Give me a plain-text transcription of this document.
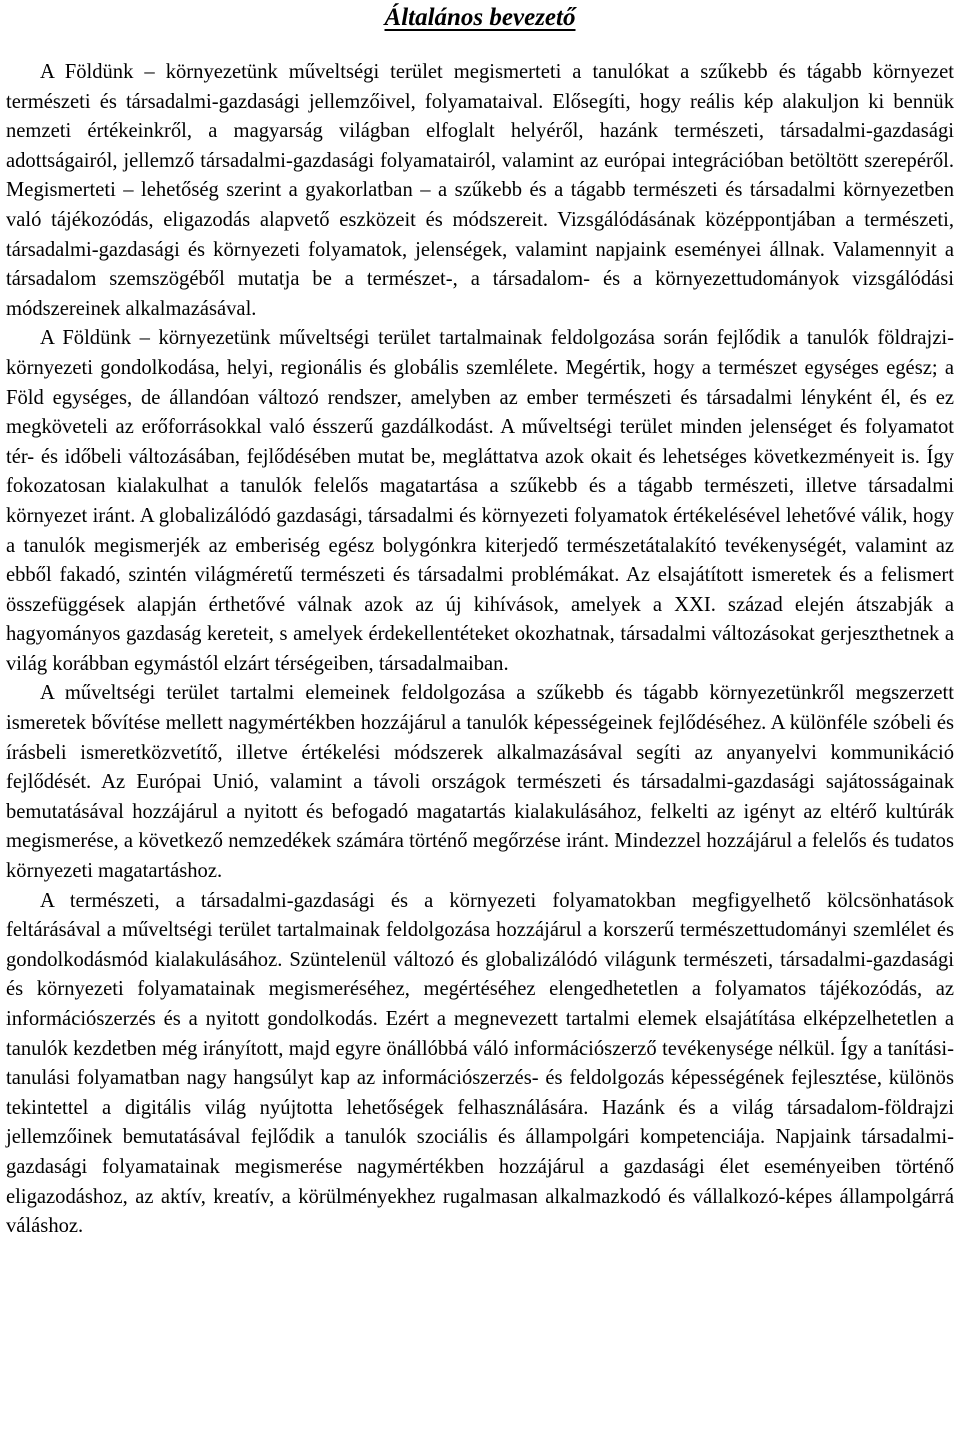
Általános bevezető

A Földünk – környezetünk műveltségi terület megismerteti a tanulókat a szűkebb és tágabb környezet természeti és társadalmi-gazdasági jellemzőivel, folyamataival. Elősegíti, hogy reális kép alakuljon ki bennük nemzeti értékeinkről, a magyarság világban elfoglalt helyéről, hazánk természeti, társadalmi-gazdasági adottságairól, jellemző társadalmi-gazdasági folyamatairól, valamint az európai integrációban betöltött szerepéről. Megismerteti – lehetőség szerint a gyakorlatban – a szűkebb és a tágabb természeti és társadalmi környezetben való tájékozódás, eligazodás alapvető eszközeit és módszereit. Vizsgálódásának középpontjában a természeti, társadalmi-gazdasági és környezeti folyamatok, jelenségek, valamint napjaink eseményei állnak. Valamennyit a társadalom szemszögéből mutatja be a természet-, a társadalom- és a környezettudományok vizsgálódási módszereinek alkalmazásával.

A Földünk – környezetünk műveltségi terület tartalmainak feldolgozása során fejlődik a tanulók földrajzi-környezeti gondolkodása, helyi, regionális és globális szemlélete. Megértik, hogy a természet egységes egész; a Föld egységes, de állandóan változó rendszer, amelyben az ember természeti és társadalmi lényként él, és ez megköveteli az erőforrásokkal való ésszerű gazdálkodást. A műveltségi terület minden jelenséget és folyamatot tér- és időbeli változásában, fejlődésében mutat be, megláttatva azok okait és lehetséges következményeit is. Így fokozatosan kialakulhat a tanulók felelős magatartása a szűkebb és a tágabb természeti, illetve társadalmi környezet iránt. A globalizálódó gazdasági, társadalmi és környezeti folyamatok értékelésével lehetővé válik, hogy a tanulók megismerjék az emberiség egész bolygónkra kiterjedő természetátalakító tevékenységét, valamint az ebből fakadó, szintén világméretű természeti és társadalmi problémákat. Az elsajátított ismeretek és a felismert összefüggések alapján érthetővé válnak azok az új kihívások, amelyek a XXI. század elején átszabják a hagyományos gazdaság kereteit, s amelyek érdekellentéteket okozhatnak, társadalmi változásokat gerjeszthetnek a világ korábban egymástól elzárt térségeiben, társadalmaiban.

A műveltségi terület tartalmi elemeinek feldolgozása a szűkebb és tágabb környezetünkről megszerzett ismeretek bővítése mellett nagymértékben hozzájárul a tanulók képességeinek fejlődéséhez. A különféle szóbeli és írásbeli ismeretközvetítő, illetve értékelési módszerek alkalmazásával segíti az anyanyelvi kommunikáció fejlődését. Az Európai Unió, valamint a távoli országok természeti és társadalmi-gazdasági sajátosságainak bemutatásával hozzájárul a nyitott és befogadó magatartás kialakulásához, felkelti az igényt az eltérő kultúrák megismerése, a következő nemzedékek számára történő megőrzése iránt. Mindezzel hozzájárul a felelős és tudatos környezeti magatartáshoz.

A természeti, a társadalmi-gazdasági és a környezeti folyamatokban megfigyelhető kölcsönhatások feltárásával a műveltségi terület tartalmainak feldolgozása hozzájárul a korszerű természettudományi szemlélet és gondolkodásmód kialakulásához. Szüntelenül változó és globalizálódó világunk természeti, társadalmi-gazdasági és környezeti folyamatainak megismeréséhez, megértéséhez elengedhetetlen a folyamatos tájékozódás, az információszerzés és a nyitott gondolkodás. Ezért a megnevezett tartalmi elemek elsajátítása elképzelhetetlen a tanulók kezdetben még irányított, majd egyre önállóbbá váló információszerző tevékenysége nélkül. Így a tanítási-tanulási folyamatban nagy hangsúlyt kap az információszerzés- és feldolgozás képességének fejlesztése, különös tekintettel a digitális világ nyújtotta lehetőségek felhasználására. Hazánk és a világ társadalom-földrajzi jellemzőinek bemutatásával fejlődik a tanulók szociális és állampolgári kompetenciája. Napjaink társadalmi-gazdasági folyamatainak megismerése nagymértékben hozzájárul a gazdasági élet eseményeiben történő eligazodáshoz, az aktív, kreatív, a körülményekhez rugalmasan alkalmazkodó és vállalkozó-képes állampolgárrá váláshoz.
